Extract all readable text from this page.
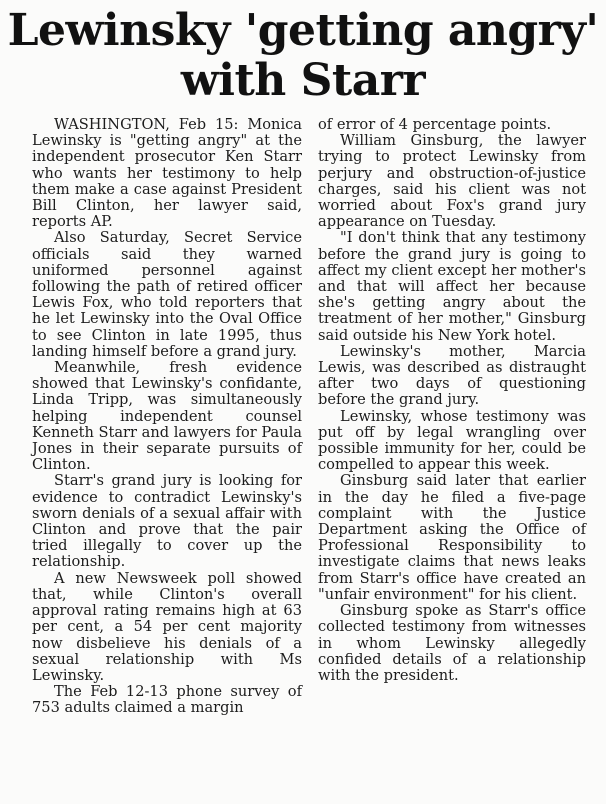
Lewinsky 'getting angry'
with Starr

WASHINGTON, Feb 15: Monica Lewinsky is "getting angry" at the independent prosecutor Ken Starr who wants her testimony to help them make a case against President Bill Clinton, her lawyer said, reports AP.

Also Saturday, Secret Service officials said they warned uniformed personnel against following the path of retired officer Lewis Fox, who told reporters that he let Lewinsky into the Oval Office to see Clinton in late 1995, thus landing himself before a grand jury.

Meanwhile, fresh evidence showed that Lewinsky's confidante, Linda Tripp, was simultaneously helping independent counsel Kenneth Starr and lawyers for Paula Jones in their separate pursuits of Clinton.

Starr's grand jury is looking for evidence to contradict Lewinsky's sworn denials of a sexual affair with Clinton and prove that the pair tried illegally to cover up the relationship.

A new Newsweek poll showed that, while Clinton's overall approval rating remains high at 63 per cent, a 54 per cent majority now disbelieve his denials of a sexual relationship with Ms Lewinsky.

The Feb 12-13 phone survey of 753 adults claimed a margin

of error of 4 percentage points.

William Ginsburg, the lawyer trying to protect Lewinsky from perjury and obstruction-of-justice charges, said his client was not worried about Fox's grand jury appearance on Tuesday.

"I don't think that any testimony before the grand jury is going to affect my client except her mother's and that will affect her because she's getting angry about the treatment of her mother," Ginsburg said outside his New York hotel.

Lewinsky's mother, Marcia Lewis, was described as distraught after two days of questioning before the grand jury.

Lewinsky, whose testimony was put off by legal wrangling over possible immunity for her, could be compelled to appear this week.

Ginsburg said later that earlier in the day he filed a five-page complaint with the Justice Department asking the Office of Professional Responsibility to investigate claims that news leaks from Starr's office have created an "unfair environment" for his client.

Ginsburg spoke as Starr's office collected testimony from witnesses in whom Lewinsky allegedly confided details of a relationship with the president.
